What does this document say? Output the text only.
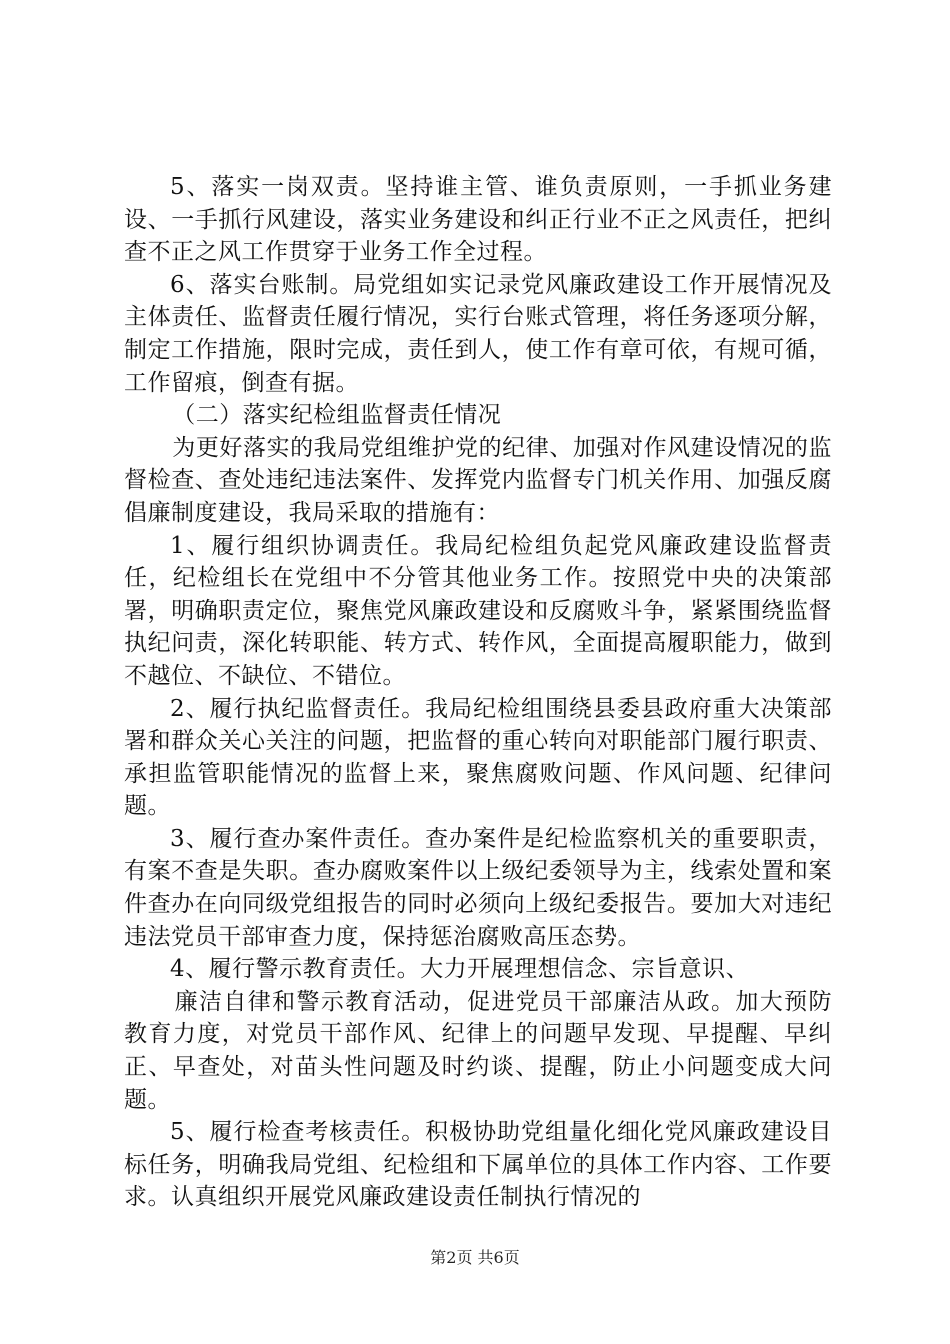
5、落实一岗双责。坚持谁主管、谁负责原则，一手抓业务建设、一手抓行风建设，落实业务建设和纠正行业不正之风责任，把纠查不正之风工作贯穿于业务工作全过程。

6、落实台账制。局党组如实记录党风廉政建设工作开展情况及主体责任、监督责任履行情况，实行台账式管理，将任务逐项分解，制定工作措施，限时完成，责任到人，使工作有章可依，有规可循，工作留痕，倒查有据。

（二）落实纪检组监督责任情况

为更好落实的我局党组维护党的纪律、加强对作风建设情况的监督检查、查处违纪违法案件、发挥党内监督专门机关作用、加强反腐倡廉制度建设，我局采取的措施有：

1、履行组织协调责任。我局纪检组负起党风廉政建设监督责任，纪检组长在党组中不分管其他业务工作。按照党中央的决策部署，明确职责定位，聚焦党风廉政建设和反腐败斗争，紧紧围绕监督执纪问责，深化转职能、转方式、转作风，全面提高履职能力，做到不越位、不缺位、不错位。

2、履行执纪监督责任。我局纪检组围绕县委县政府重大决策部署和群众关心关注的问题，把监督的重心转向对职能部门履行职责、承担监管职能情况的监督上来，聚焦腐败问题、作风问题、纪律问题。

3、履行查办案件责任。查办案件是纪检监察机关的重要职责，有案不查是失职。查办腐败案件以上级纪委领导为主，线索处置和案件查办在向同级党组报告的同时必须向上级纪委报告。要加大对违纪违法党员干部审查力度，保持惩治腐败高压态势。

4、履行警示教育责任。大力开展理想信念、宗旨意识、

廉洁自律和警示教育活动，促进党员干部廉洁从政。加大预防教育力度，对党员干部作风、纪律上的问题早发现、早提醒、早纠正、早查处，对苗头性问题及时约谈、提醒，防止小问题变成大问题。

5、履行检查考核责任。积极协助党组量化细化党风廉政建设目标任务，明确我局党组、纪检组和下属单位的具体工作内容、工作要求。认真组织开展党风廉政建设责任制执行情况的

第2页 共6页
